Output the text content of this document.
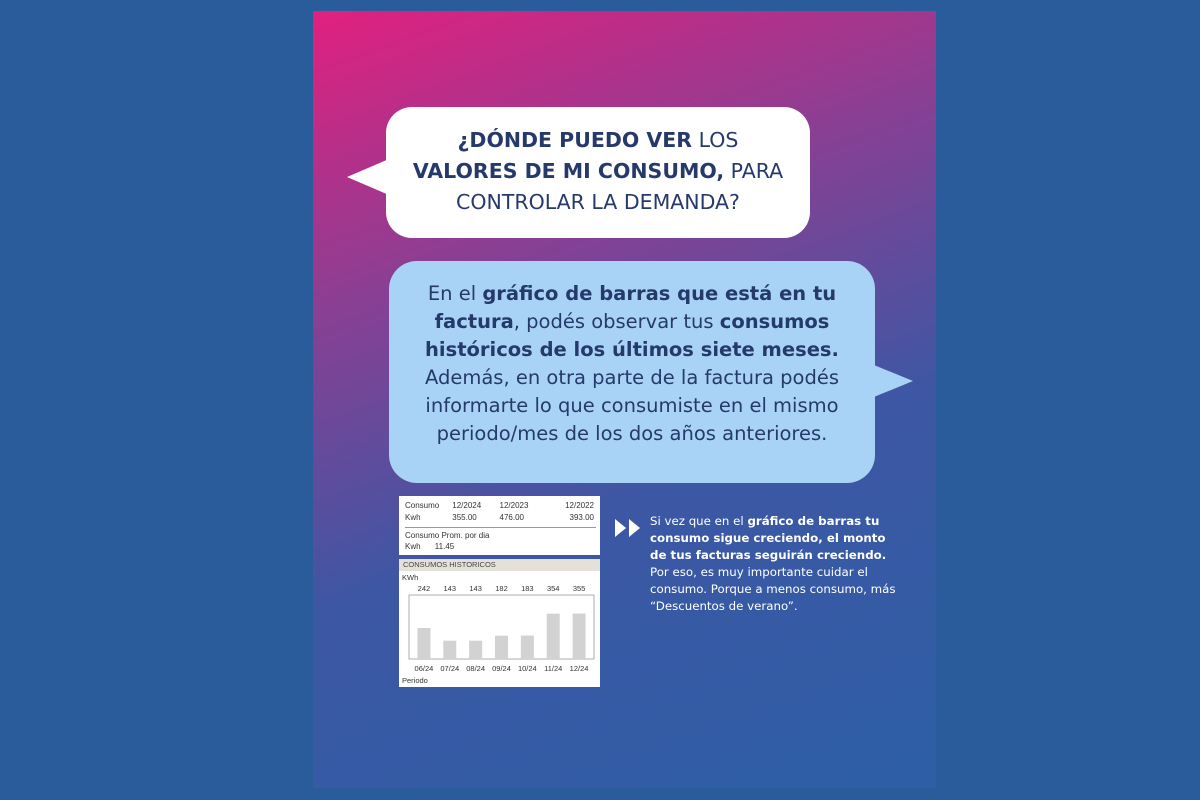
¿DÓNDE PUEDO VER LOS
VALORES DE MI CONSUMO, PARA
CONTROLAR LA DEMANDA?
En el gráfico de barras que está en tu factura, podés observar tus consumos históricos de los últimos siete meses. Además, en otra parte de la factura podés informarte lo que consumiste en el mismo periodo/mes de los dos años anteriores.
Consumo	12/2024	12/2023	12/2022
Kwh	355.00	476.00	393.00
Consumo Prom. por dia
Kwh 11.45
CONSUMOS HISTORICOS
KWh
Periodo
242
06/24
143
07/24
143
08/24
182
09/24
183
10/24
354
11/24
355
12/24
Si vez que en el gráfico de barras tu consumo sigue creciendo, el monto de tus facturas seguirán creciendo. Por eso, es muy importante cuidar el consumo. Porque a menos consumo, más “Descuentos de verano”.
